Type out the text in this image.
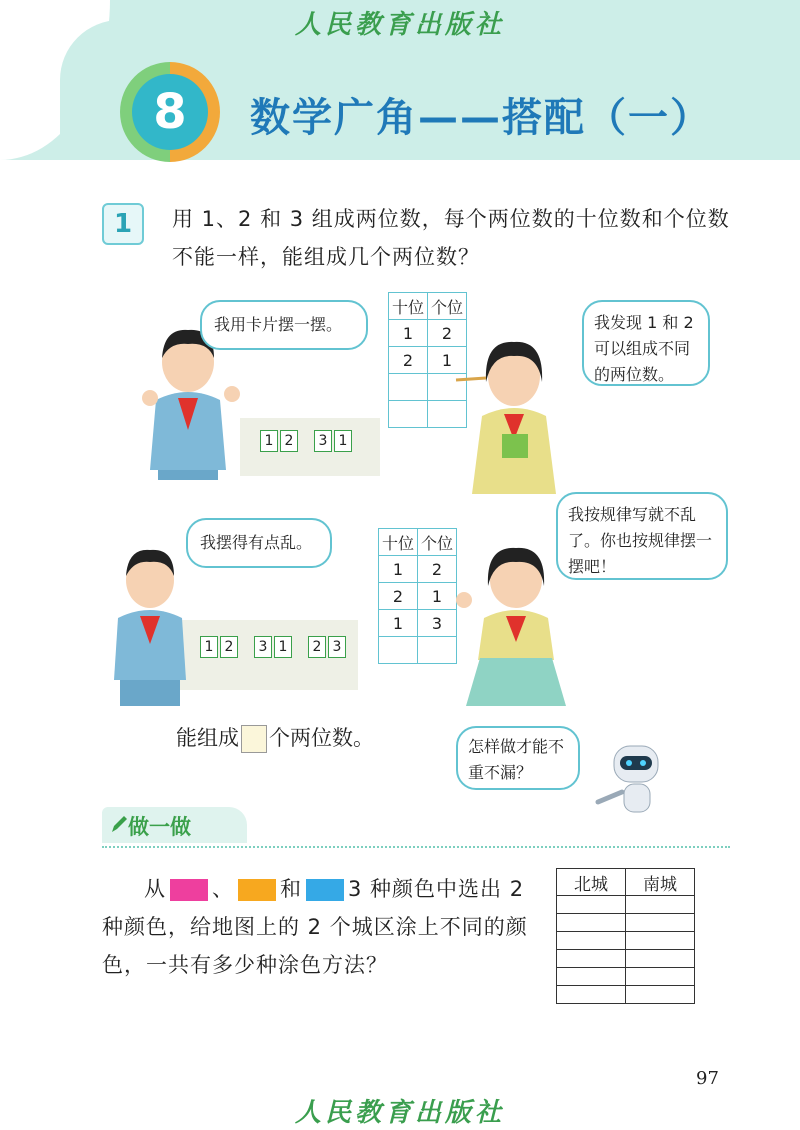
人民教育出版社
8	数学广角——搭配（一）
1	用 1、2 和 3 组成两位数，每个两位数的十位数和个位数不能一样，能组成几个两位数？
1 2 3 1
我用卡片摆一摆。
十位	个位
1	2
2	1

我发现 1 和 2 可以组成不同的两位数。
1 2 3 1 2 3
我摆得有点乱。	十位	个位
1	2
2	1
1	3

我按规律写就不乱了。你也按规律摆一摆吧！
能组成 个两位数。	怎样做才能不重不漏？
做一做
从 、 和 3 种颜色中选出 2 种颜色，给地图上的 2 个城区涂上不同的颜色，一共有多少种涂色方法？
北城	南城

97
人民教育出版社
